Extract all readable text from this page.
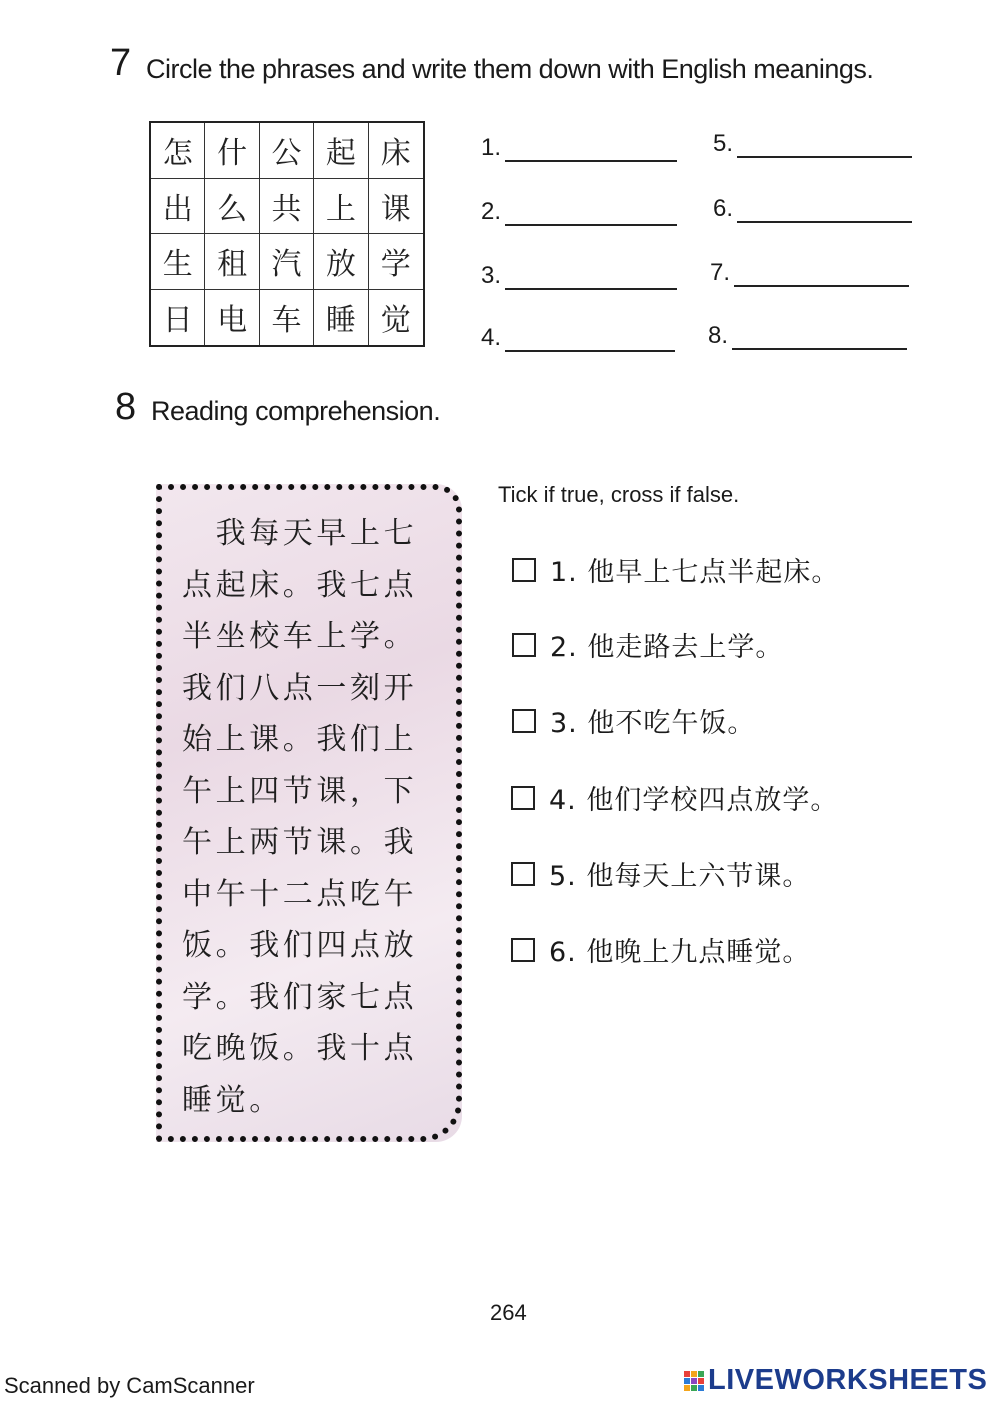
7 Circle the phrases and write them down with English meanings.
怎 什 公 起 床
出 么 共 上 课
生 租 汽 放 学
日 电 车 睡 觉
1.
2.
3.
4.
5.
6.
7.
8.
8 Reading comprehension.
　我每天早上七
点起床。我七点
半坐校车上学。
我们八点一刻开
始上课。我们上
午上四节课，下
午上两节课。我
中午十二点吃午
饭。我们四点放
学。我们家七点
吃晚饭。我十点
睡觉。
Tick if true, cross if false.
1. 他早上七点半起床。
2. 他走路去上学。
3. 他不吃午饭。
4. 他们学校四点放学。
5. 他每天上六节课。
6. 他晚上九点睡觉。
264
Scanned by CamScanner	LIVEWORKSHEETS
